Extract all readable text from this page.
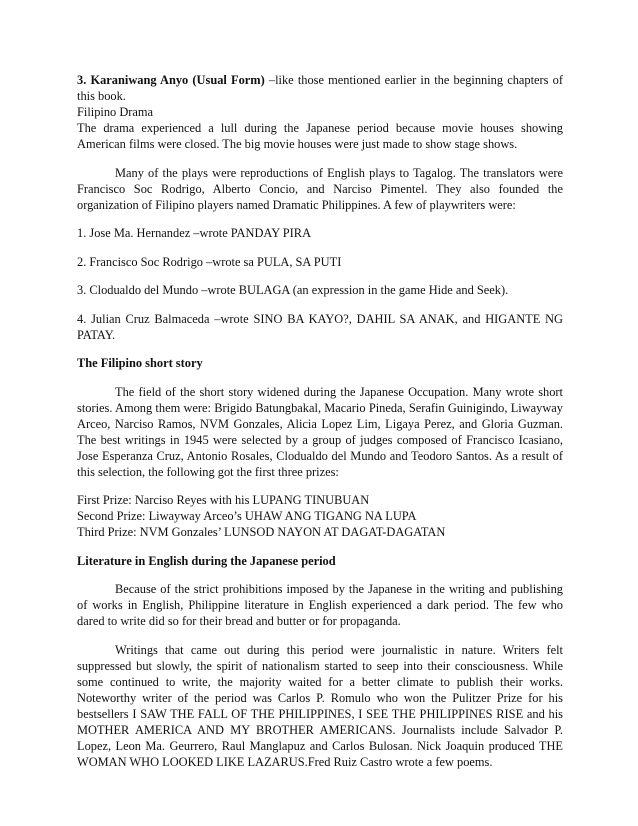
3. Karaniwang Anyo (Usual Form) –like those mentioned earlier in the beginning chapters of this book.

Filipino Drama

The drama experienced a lull during the Japanese period because movie houses showing American films were closed. The big movie houses were just made to show stage shows.

Many of the plays were reproductions of English plays to Tagalog. The translators were Francisco Soc Rodrigo, Alberto Concio, and Narciso Pimentel. They also founded the organization of Filipino players named Dramatic Philippines. A few of playwriters were:

1. Jose Ma. Hernandez –wrote PANDAY PIRA

2. Francisco Soc Rodrigo –wrote sa PULA, SA PUTI

3. Clodualdo del Mundo –wrote BULAGA (an expression in the game Hide and Seek).

4. Julian Cruz Balmaceda –wrote SINO BA KAYO?, DAHIL SA ANAK, and HIGANTE NG PATAY.

The Filipino short story

The field of the short story widened during the Japanese Occupation. Many wrote short stories. Among them were: Brigido Batungbakal, Macario Pineda, Serafin Guinigindo, Liwayway Arceo, Narciso Ramos, NVM Gonzales, Alicia Lopez Lim, Ligaya Perez, and Gloria Guzman. The best writings in 1945 were selected by a group of judges composed of Francisco Icasiano, Jose Esperanza Cruz, Antonio Rosales, Clodualdo del Mundo and Teodoro Santos. As a result of this selection, the following got the first three prizes:

First Prize: Narciso Reyes with his LUPANG TINUBUAN

Second Prize: Liwayway Arceo’s UHAW ANG TIGANG NA LUPA

Third Prize: NVM Gonzales’ LUNSOD NAYON AT DAGAT-DAGATAN

Literature in English during the Japanese period

Because of the strict prohibitions imposed by the Japanese in the writing and publishing of works in English, Philippine literature in English experienced a dark period. The few who dared to write did so for their bread and butter or for propaganda.

Writings that came out during this period were journalistic in nature. Writers felt suppressed but slowly, the spirit of nationalism started to seep into their consciousness. While some continued to write, the majority waited for a better climate to publish their works. Noteworthy writer of the period was Carlos P. Romulo who won the Pulitzer Prize for his bestsellers I SAW THE FALL OF THE PHILIPPINES, I SEE THE PHILIPPINES RISE and his MOTHER AMERICA AND MY BROTHER AMERICANS. Journalists include Salvador P. Lopez, Leon Ma. Geurrero, Raul Manglapuz and Carlos Bulosan. Nick Joaquin produced THE WOMAN WHO LOOKED LIKE LAZARUS.Fred Ruiz Castro wrote a few poems.
